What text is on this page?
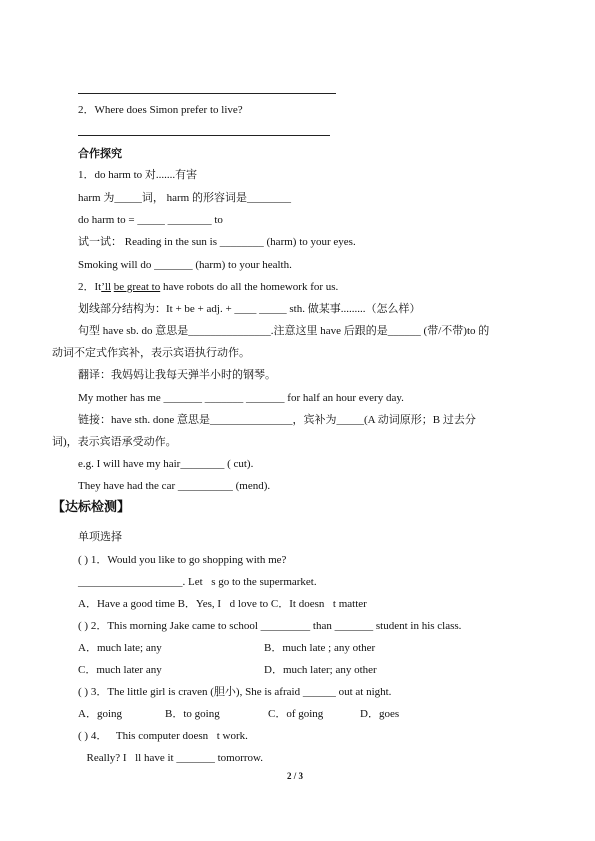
2．Where does Simon prefer to live?
合作探究
1．do harm to 对.......有害
harm 为_____词， harm 的形容词是________
do harm to = _____ ________ to
试一试： Reading in the sun is ________ (harm) to your eyes.
Smoking will do _______ (harm) to your health.
2．Itʼll be great to have robots do all the homework for us.
划线部分结构为：It + be + adj. + ____ _____ sth. 做某事.........（怎么样）
句型 have sb. do 意思是_______________.注意这里 have 后跟的是______ (带/不带)to 的
动词不定式作宾补，表示宾语执行动作。
翻译：我妈妈让我每天弹半小时的钢琴。
My mother has me _______ _______ _______ for half an hour every day.
链接：have sth. done 意思是_______________，宾补为_____(A 动词原形；B 过去分
词)，表示宾语承受动作。
e.g. I will have my hair________ ( cut).
They have had the car __________ (mend).
【达标检测】
单项选择
( ) 1．Would you like to go shopping with me?
___________________. Let s go to the supermarket.
A．Have a good time B．Yes, I d love to C．It doesn t matter
( ) 2．This morning Jake came to school _________ than _______ student in his class.
A．much late; any	B．much late ; any other
C．much later any	D．much later; any other
( ) 3．The little girl is craven (胆小), She is afraid ______ out at night.
A．going	B．to going	C．of going	D．goes
( ) 4． This computer doesn t work. 
 Really? I ll have it _______ tomorrow. 
2 / 3
